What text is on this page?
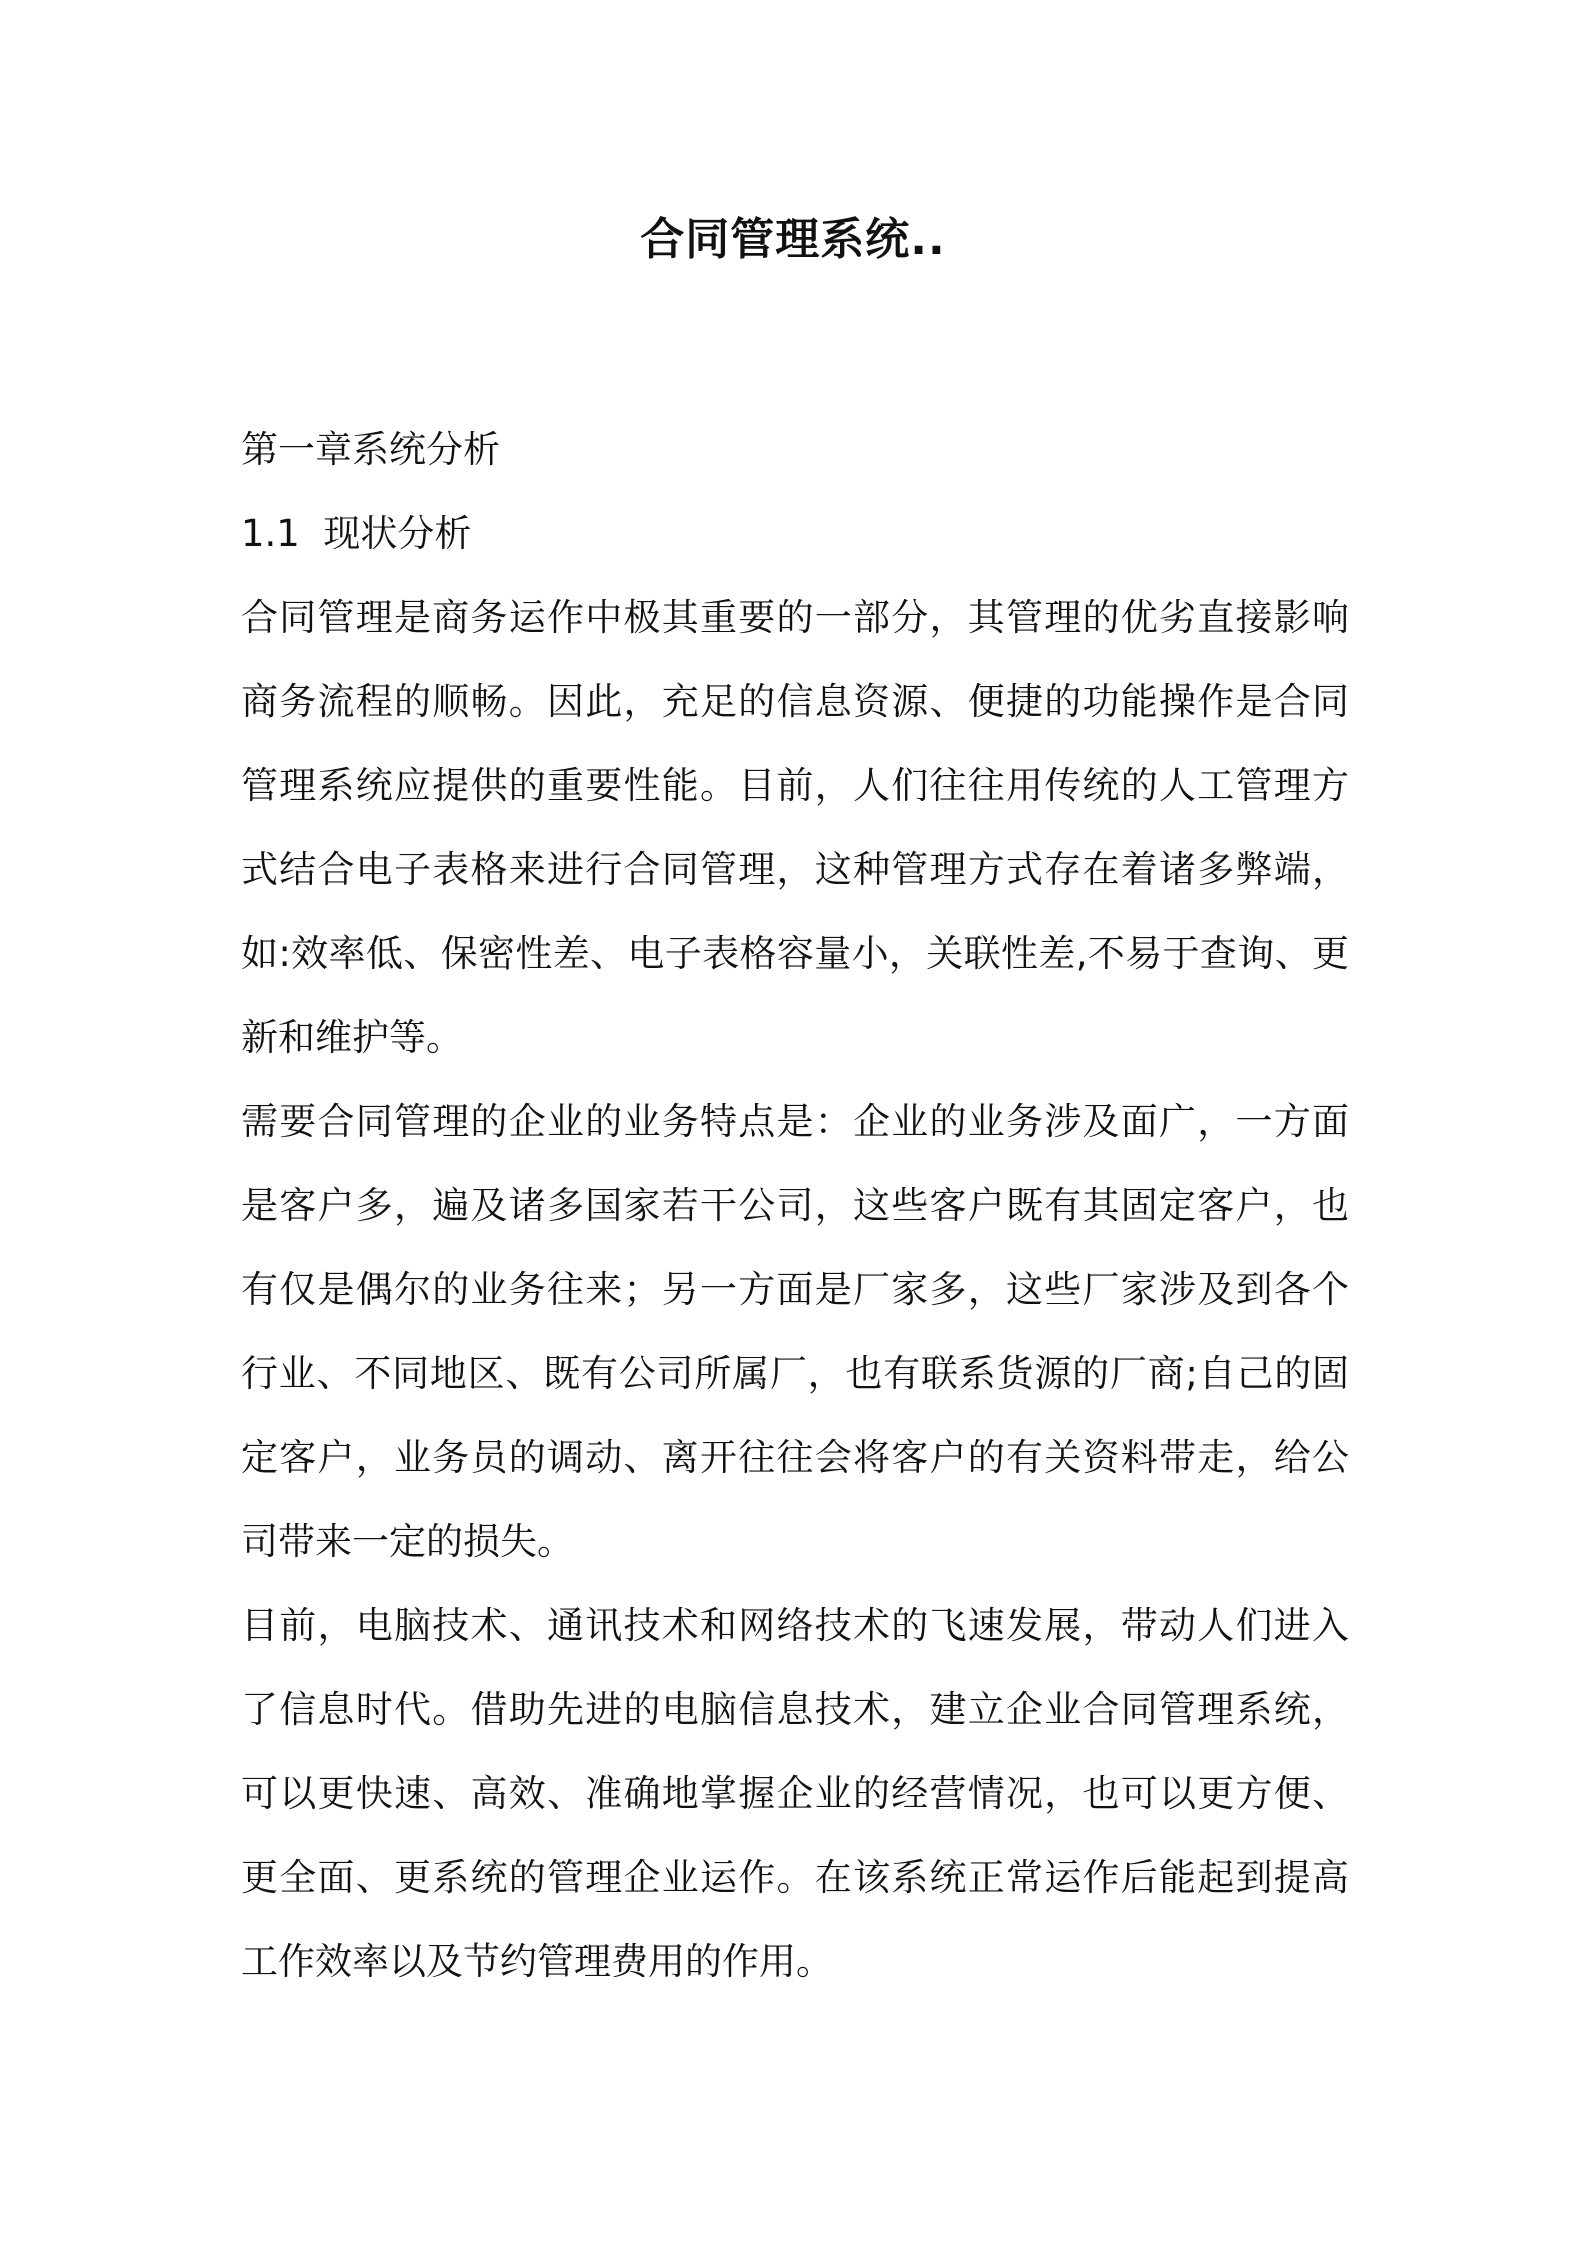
合同管理系统..

第一章系统分析

1.1  现状分析

合同管理是商务运作中极其重要的一部分，其管理的优劣直接影响商务流程的顺畅。因此，充足的信息资源、便捷的功能操作是合同管理系统应提供的重要性能。目前，人们往往用传统的人工管理方式结合电子表格来进行合同管理，这种管理方式存在着诸多弊端，如:效率低、保密性差、电子表格容量小，关联性差,不易于查询、更新和维护等。

需要合同管理的企业的业务特点是：企业的业务涉及面广，一方面是客户多，遍及诸多国家若干公司，这些客户既有其固定客户，也有仅是偶尔的业务往来；另一方面是厂家多，这些厂家涉及到各个行业、不同地区、既有公司所属厂，也有联系货源的厂商;自己的固定客户，业务员的调动、离开往往会将客户的有关资料带走，给公司带来一定的损失。

目前，电脑技术、通讯技术和网络技术的飞速发展，带动人们进入了信息时代。借助先进的电脑信息技术，建立企业合同管理系统，可以更快速、高效、准确地掌握企业的经营情况，也可以更方便、更全面、更系统的管理企业运作。在该系统正常运作后能起到提高工作效率以及节约管理费用的作用。
